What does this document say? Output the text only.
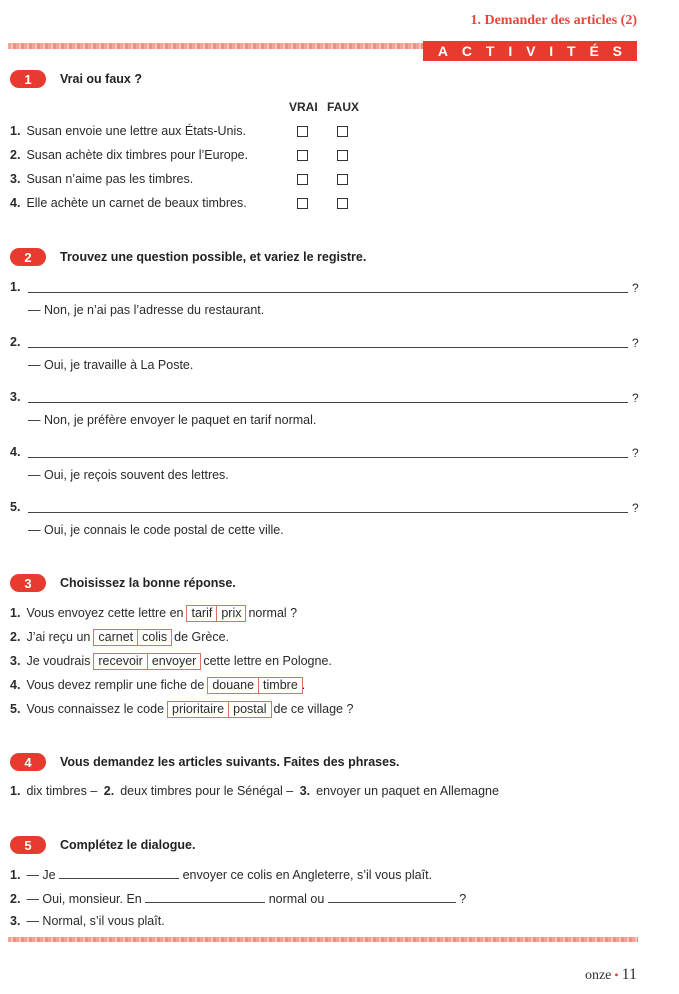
1. Demander des articles (2)
A C T I V I T É S
1	Vrai ou faux ?
VRAI FAUX
1. Susan envoie une lettre aux États-Unis.
2. Susan achète dix timbres pour l’Europe.
3. Susan n’aime pas les timbres.
4. Elle achète un carnet de beaux timbres.
2	Trouvez une question possible, et variez le registre.
1.	?
— Non, je n’ai pas l’adresse du restaurant.
2.	?
— Oui, je travaille à La Poste.
3.	?
— Non, je préfère envoyer le paquet en tarif normal.
4.	?
— Oui, je reçois souvent des lettres.
5.	?
— Oui, je connais le code postal de cette ville.
3	Choisissez la bonne réponse.
1. Vous envoyez cette lettre en tarif prix normal ?
2. J’ai reçu un carnet colis de Grèce.
3. Je voudrais recevoir envoyer cette lettre en Pologne.
4. Vous devez remplir une fiche de douane timbre .
5. Vous connaissez le code prioritaire postal de ce village ?
4	Vous demandez les articles suivants. Faites des phrases.
1. dix timbres – 2. deux timbres pour le Sénégal – 3. envoyer un paquet en Allemagne
5	Complétez le dialogue.
1. — Je	envoyer ce colis en Angleterre, s’il vous plaît.
2. — Oui, monsieur. En	normal ou	?
3. — Normal, s’il vous plaît.
onze • 11
